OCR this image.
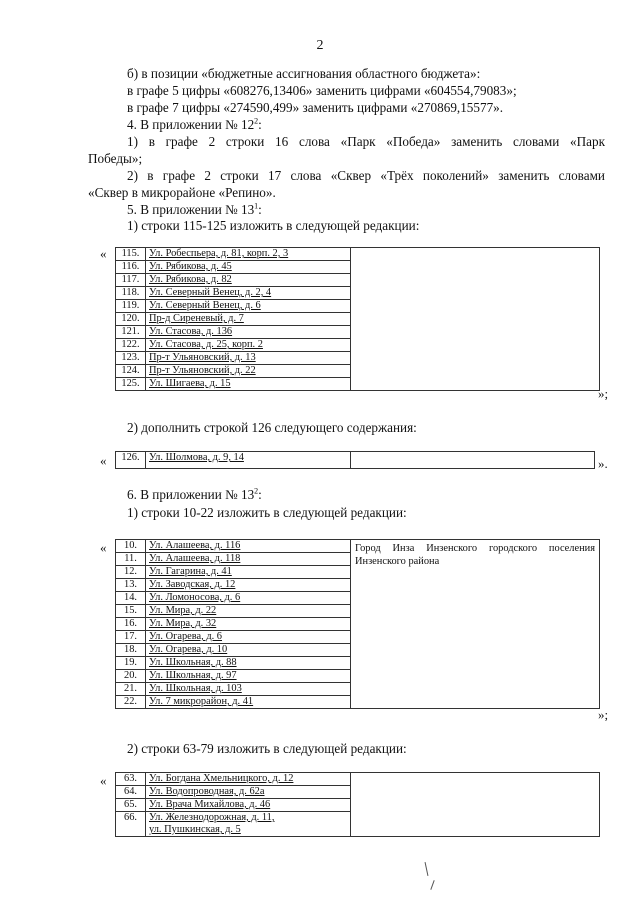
2
б) в позиции «бюджетные ассигнования областного бюджета»:
в графе 5 цифры «608276,13406» заменить цифрами «604554,79083»;
в графе 7 цифры «274590,499» заменить цифрами «270869,15577».
4. В приложении № $12^2$:
1) в графе 2 строки 16 слова «Парк «Победа» заменить словами «Парк
Победы»;
2) в графе 2 строки 17 слова «Сквер «Трёх поколений» заменить словами
«Сквер в микрорайоне «Репино».
5. В приложении № $13^1$:
1) строки 115-125 изложить в следующей редакции:
« 115.	Ул. Робеспьера, д. 81, корп. 2, 3	
116.	Ул. Рябикова, д. 45	
117.	Ул. Рябикова, д. 82	
118.	Ул. Северный Венец, д. 2, 4	
119.	Ул. Северный Венец, д. 6	
120.	Пр-д Сиреневый, д. 7	
121.	Ул. Стасова, д. 136	
122.	Ул. Стасова, д. 25, корп. 2	
123.	Пр-т Ульяновский, д. 13	
124.	Пр-т Ульяновский, д. 22	
125.	Ул. Шигаева, д. 15	
»;
2) дополнить строкой 126 следующего содержания:
« 126.	Ул. Шолмова, д. 9, 14		».
6. В приложении № $13^2$:
1) строки 10-22 изложить в следующей редакции:
« 10.	Ул. Алашеева, д. 116	Город Инза Инзенского городского поселения Инзенского района
11.	Ул. Алашеева, д. 118	
12.	Ул. Гагарина, д. 41	
13.	Ул. Заводская, д. 12	
14.	Ул. Ломоносова, д. 6	
15.	Ул. Мира, д. 22	
16.	Ул. Мира, д. 32	
17.	Ул. Огарева, д. 6	
18.	Ул. Огарева, д. 10	
19.	Ул. Школьная, д. 88	
20.	Ул. Школьная, д. 97	
21.	Ул. Школьная, д. 103	
22.	Ул. 7 микрорайон, д. 41	
»;
2) строки 63-79 изложить в следующей редакции:
« 63.	Ул. Богдана Хмельницкого, д. 12	
64.	Ул. Водопроводная, д. 62а	
65.	Ул. Врача Михайлова, д. 46	
66.	Ул. Железнодорожная, д. 11,
ул. Пушкинская, д. 5	
